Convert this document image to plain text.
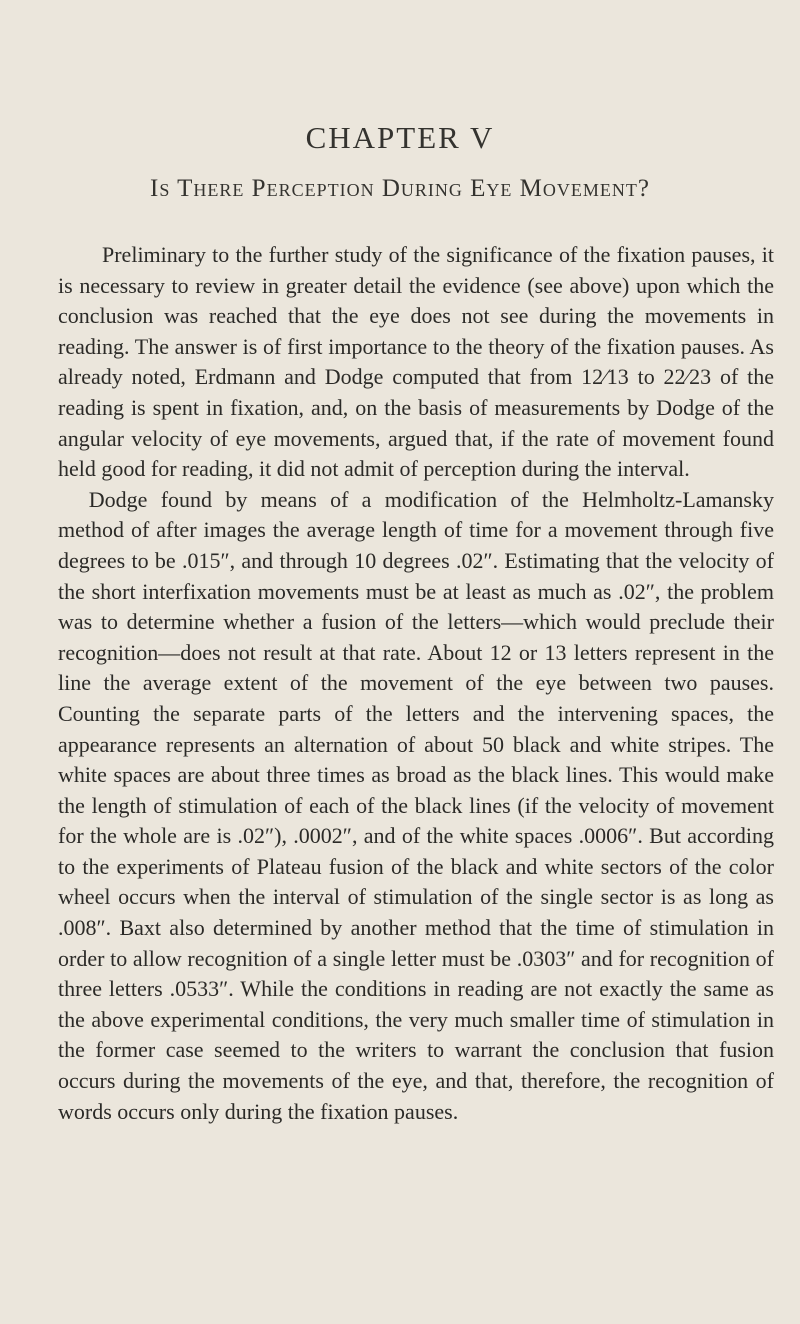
CHAPTER V
Is There Perception During Eye Movement?

Preliminary to the further study of the significance of the fixation pauses, it is necessary to review in greater detail the evidence (see above) upon which the conclusion was reached that the eye does not see during the movements in reading. The answer is of first importance to the theory of the fixation pauses. As already noted, Erdmann and Dodge computed that from 12⁄13 to 22⁄23 of the reading is spent in fixation, and, on the basis of measurements by Dodge of the angular velocity of eye movements, argued that, if the rate of movement found held good for reading, it did not admit of perception during the interval.

Dodge found by means of a modification of the Helmholtz-Lamansky method of after images the average length of time for a movement through five degrees to be .015″, and through 10 degrees .02″. Estimating that the velocity of the short interfixation movements must be at least as much as .02″, the problem was to determine whether a fusion of the letters—which would preclude their recognition—does not result at that rate. About 12 or 13 letters represent in the line the average extent of the movement of the eye between two pauses. Counting the separate parts of the letters and the intervening spaces, the appearance represents an alternation of about 50 black and white stripes. The white spaces are about three times as broad as the black lines. This would make the length of stimulation of each of the black lines (if the velocity of movement for the whole are is .02″), .0002″, and of the white spaces .0006″. But according to the experiments of Plateau fusion of the black and white sectors of the color wheel occurs when the interval of stimulation of the single sector is as long as .008″. Baxt also determined by another method that the time of stimulation in order to allow recognition of a single letter must be .0303″ and for recognition of three letters .0533″. While the conditions in reading are not exactly the same as the above experimental conditions, the very much smaller time of stimulation in the former case seemed to the writers to warrant the conclusion that fusion occurs during the movements of the eye, and that, therefore, the recognition of words occurs only during the fixation pauses.
